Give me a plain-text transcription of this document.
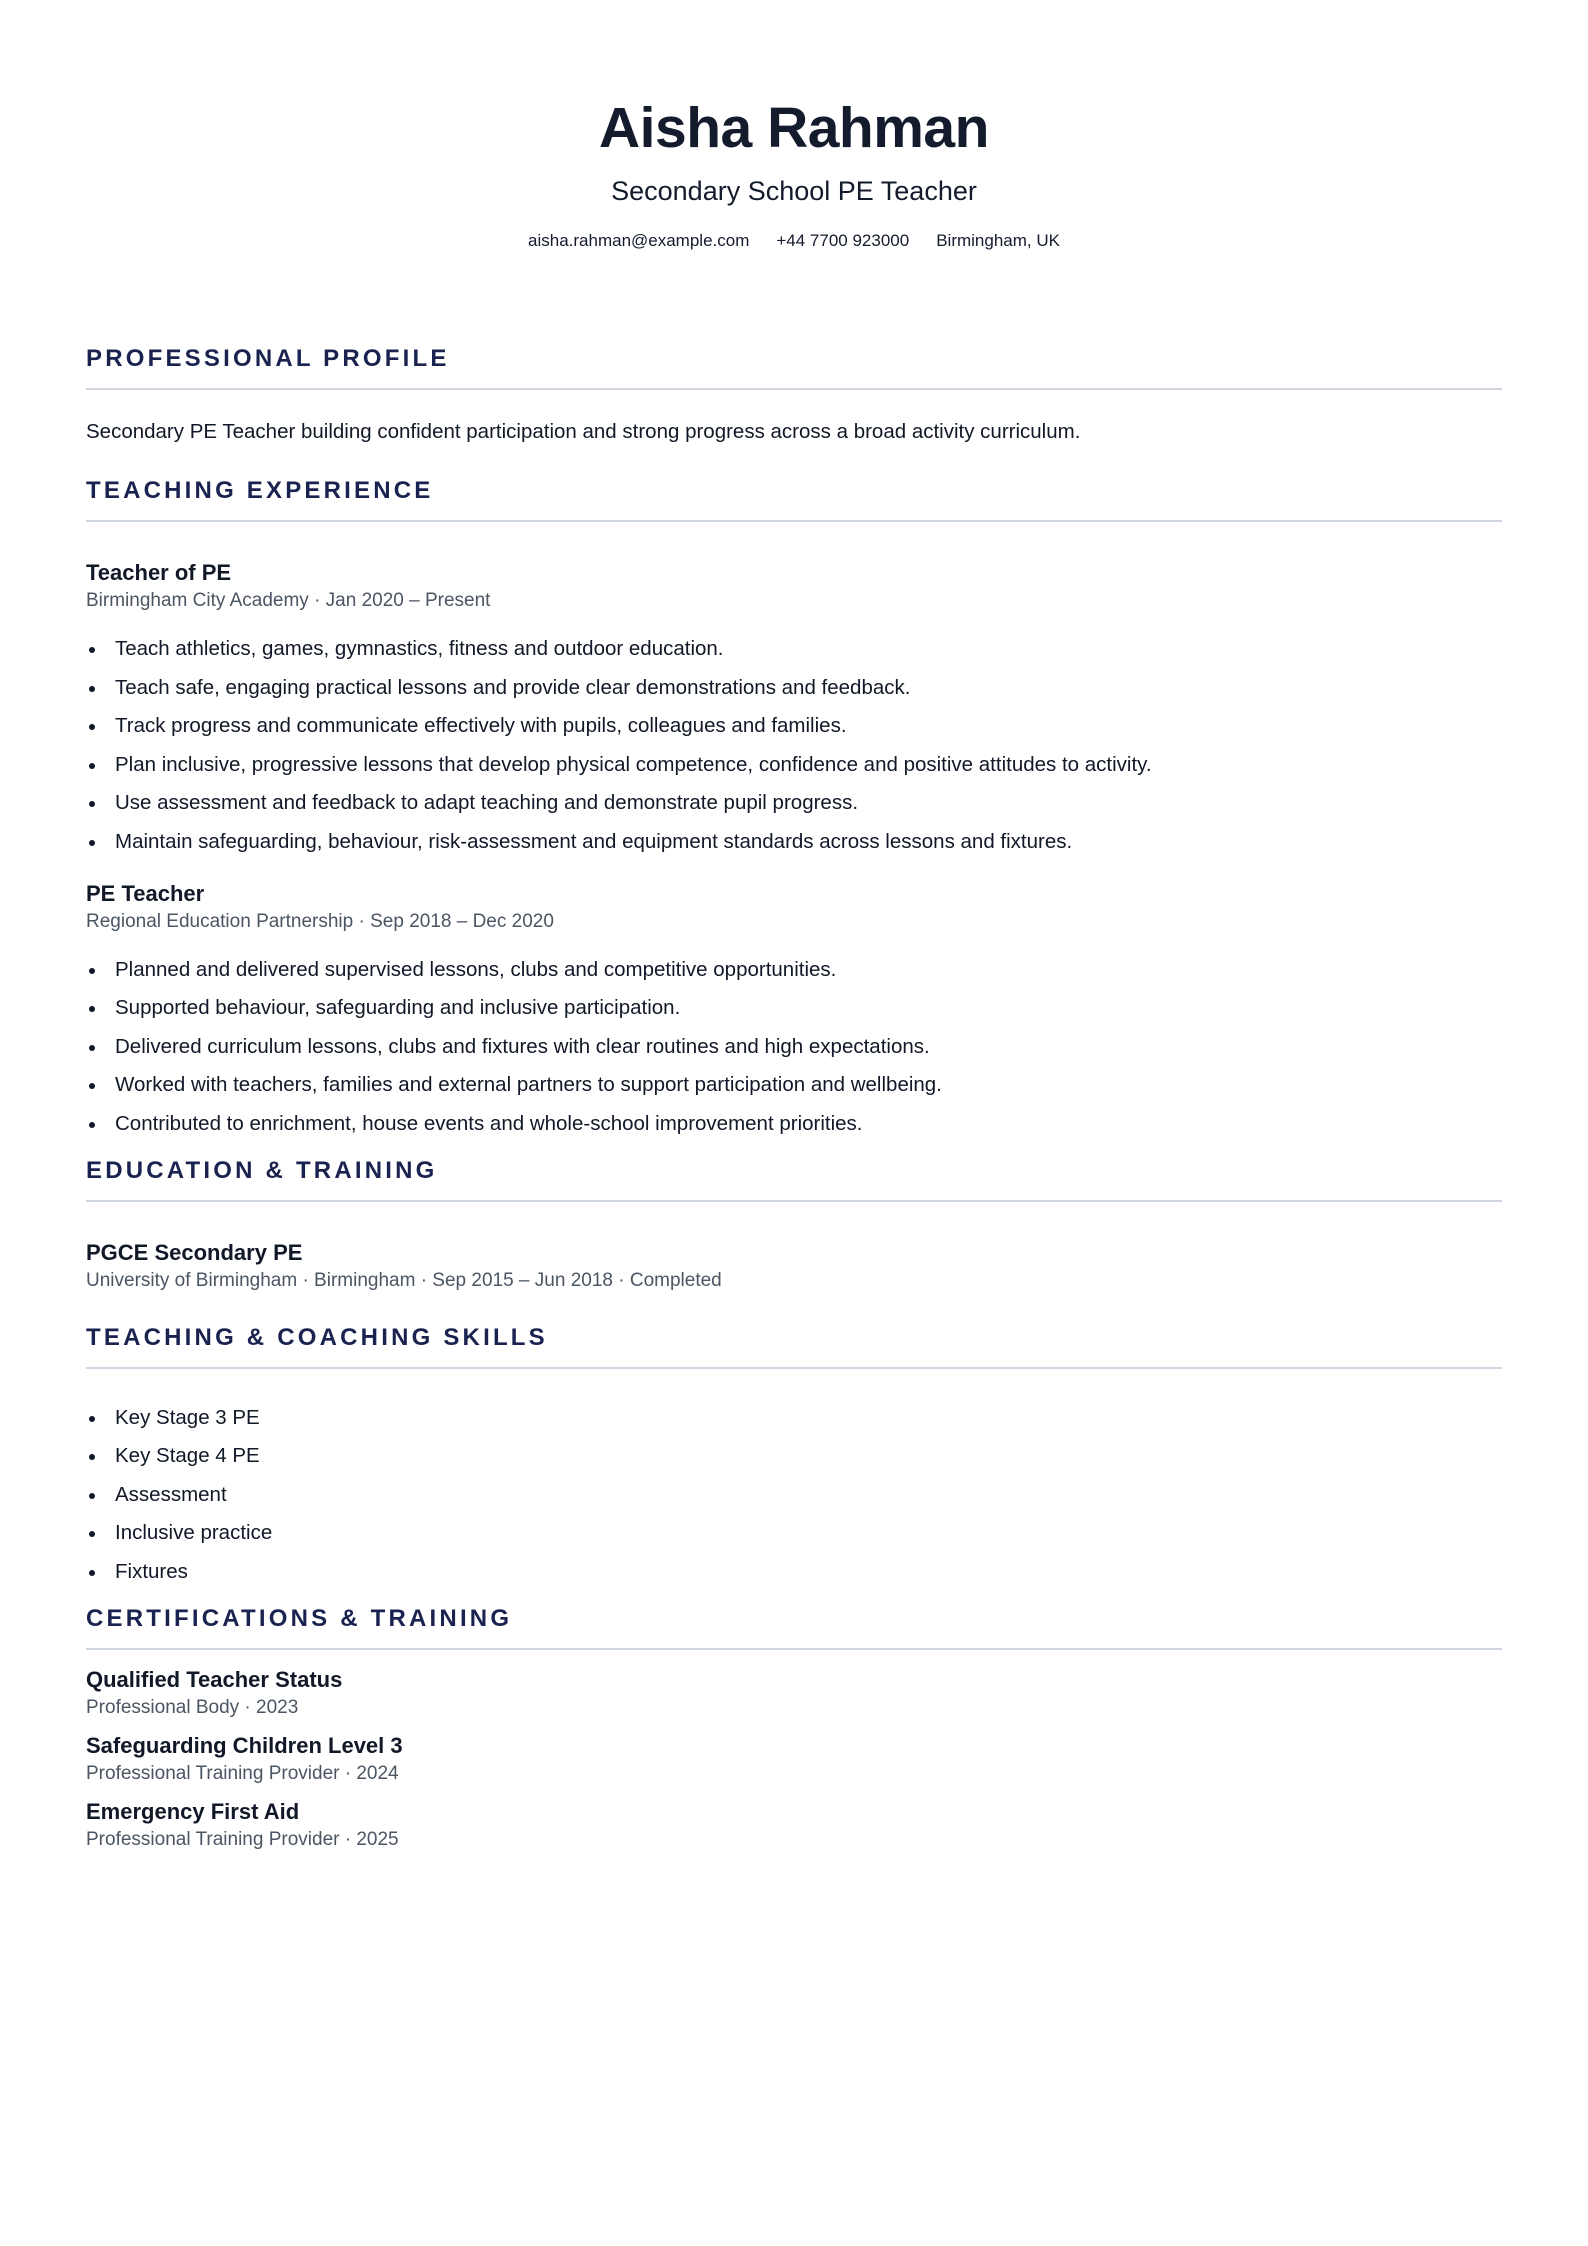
Aisha Rahman
Secondary School PE Teacher
aisha.rahman@example.com +44 7700 923000 Birmingham, UK
PROFESSIONAL PROFILE
Secondary PE Teacher building confident participation and strong progress across a broad activity curriculum.
TEACHING EXPERIENCE
Teacher of PE
Birmingham City Academy · Jan 2020 – Present
Teach athletics, games, gymnastics, fitness and outdoor education.
Teach safe, engaging practical lessons and provide clear demonstrations and feedback.
Track progress and communicate effectively with pupils, colleagues and families.
Plan inclusive, progressive lessons that develop physical competence, confidence and positive attitudes to activity.
Use assessment and feedback to adapt teaching and demonstrate pupil progress.
Maintain safeguarding, behaviour, risk-assessment and equipment standards across lessons and fixtures.
PE Teacher
Regional Education Partnership · Sep 2018 – Dec 2020
Planned and delivered supervised lessons, clubs and competitive opportunities.
Supported behaviour, safeguarding and inclusive participation.
Delivered curriculum lessons, clubs and fixtures with clear routines and high expectations.
Worked with teachers, families and external partners to support participation and wellbeing.
Contributed to enrichment, house events and whole-school improvement priorities.
EDUCATION & TRAINING
PGCE Secondary PE
University of Birmingham · Birmingham · Sep 2015 – Jun 2018 · Completed
TEACHING & COACHING SKILLS
Key Stage 3 PE
Key Stage 4 PE
Assessment
Inclusive practice
Fixtures
CERTIFICATIONS & TRAINING
Qualified Teacher Status
Professional Body · 2023
Safeguarding Children Level 3
Professional Training Provider · 2024
Emergency First Aid
Professional Training Provider · 2025
